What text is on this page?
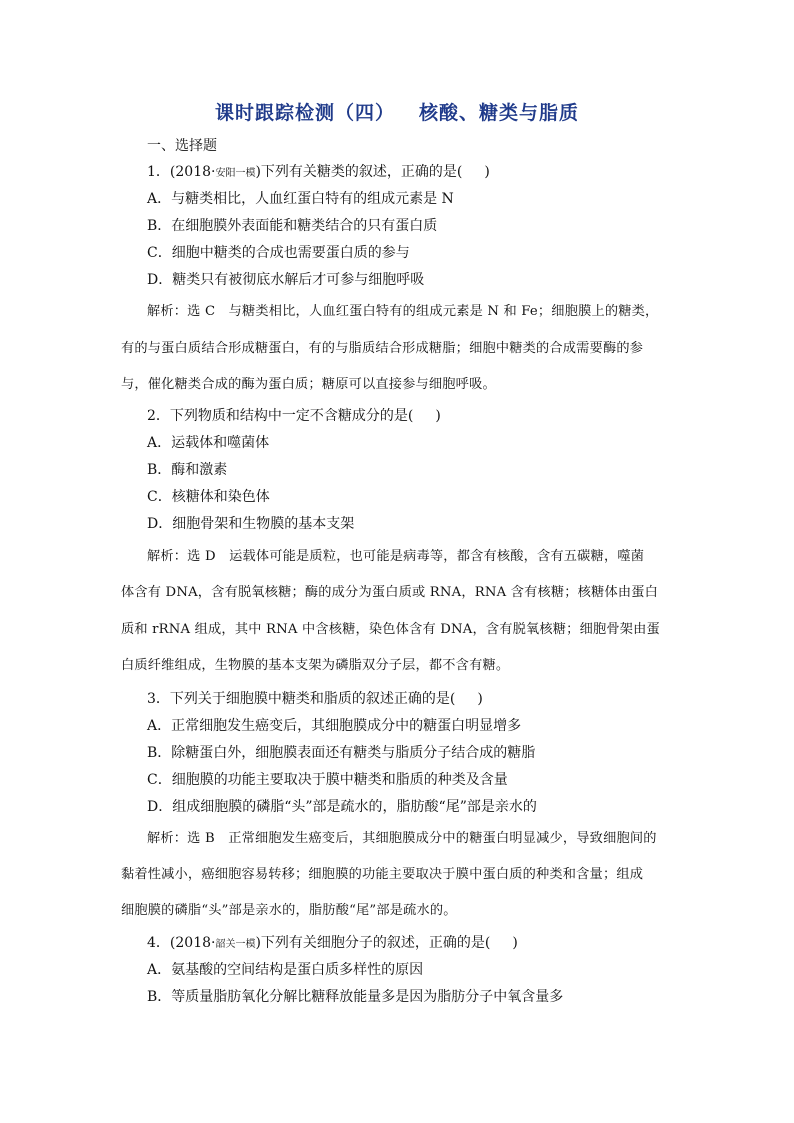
课时跟踪检测（四） 核酸、糖类与脂质
一、选择题
1．(2018·安阳一模)下列有关糖类的叙述，正确的是( )
A．与糖类相比，人血红蛋白特有的组成元素是 N
B．在细胞膜外表面能和糖类结合的只有蛋白质
C．细胞中糖类的合成也需要蛋白质的参与
D．糖类只有被彻底水解后才可参与细胞呼吸
解析：选 C　与糖类相比，人血红蛋白特有的组成元素是 N 和 Fe；细胞膜上的糖类，
有的与蛋白质结合形成糖蛋白，有的与脂质结合形成糖脂；细胞中糖类的合成需要酶的参
与，催化糖类合成的酶为蛋白质；糖原可以直接参与细胞呼吸。
2．下列物质和结构中一定不含糖成分的是( )
A．运载体和噬菌体
B．酶和激素
C．核糖体和染色体
D．细胞骨架和生物膜的基本支架
解析：选 D　运载体可能是质粒，也可能是病毒等，都含有核酸，含有五碳糖，噬菌
体含有 DNA，含有脱氧核糖；酶的成分为蛋白质或 RNA，RNA 含有核糖；核糖体由蛋白
质和 rRNA 组成，其中 RNA 中含核糖，染色体含有 DNA，含有脱氧核糖；细胞骨架由蛋
白质纤维组成，生物膜的基本支架为磷脂双分子层，都不含有糖。
3．下列关于细胞膜中糖类和脂质的叙述正确的是( )
A．正常细胞发生癌变后，其细胞膜成分中的糖蛋白明显增多
B．除糖蛋白外，细胞膜表面还有糖类与脂质分子结合成的糖脂
C．细胞膜的功能主要取决于膜中糖类和脂质的种类及含量
D．组成细胞膜的磷脂“头”部是疏水的，脂肪酸“尾”部是亲水的
解析：选 B　正常细胞发生癌变后，其细胞膜成分中的糖蛋白明显减少，导致细胞间的
黏着性减小，癌细胞容易转移；细胞膜的功能主要取决于膜中蛋白质的种类和含量；组成
细胞膜的磷脂“头”部是亲水的，脂肪酸“尾”部是疏水的。
4．(2018·韶关一模)下列有关细胞分子的叙述，正确的是( )
A．氨基酸的空间结构是蛋白质多样性的原因
B．等质量脂肪氧化分解比糖释放能量多是因为脂肪分子中氧含量多
